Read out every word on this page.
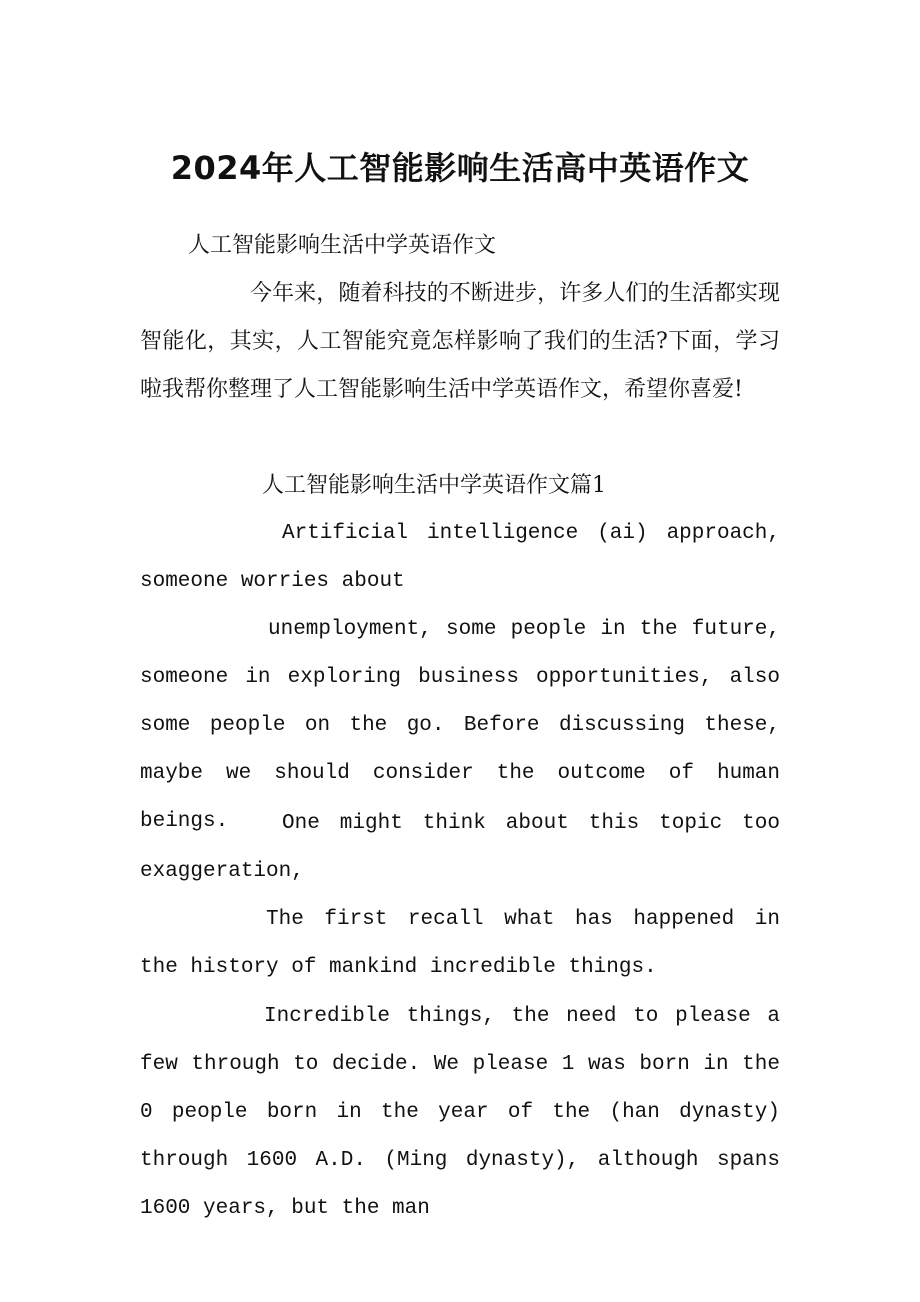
2024年人工智能影响生活高中英语作文

人工智能影响生活中学英语作文

今年来，随着科技的不断进步，许多人们的生活都实现智能化，其实，人工智能究竟怎样影响了我们的生活?下面，学习啦我帮你整理了人工智能影响生活中学英语作文，希望你喜爱!

人工智能影响生活中学英语作文篇1

Artificial intelligence (ai) approach, someone worries about

unemployment, some people in the future, someone in exploring business opportunities, also some people on the go. Before discussing these, maybe we should consider the outcome of human beings.	One might think about this topic too exaggeration,

The first recall what has happened in the history of mankind incredible things.

Incredible things, the need to please a few through to decide. We please 1 was born in the 0 people born in the year of the (han dynasty) through 1600 A.D. (Ming dynasty), although spans 1600 years, but the man
